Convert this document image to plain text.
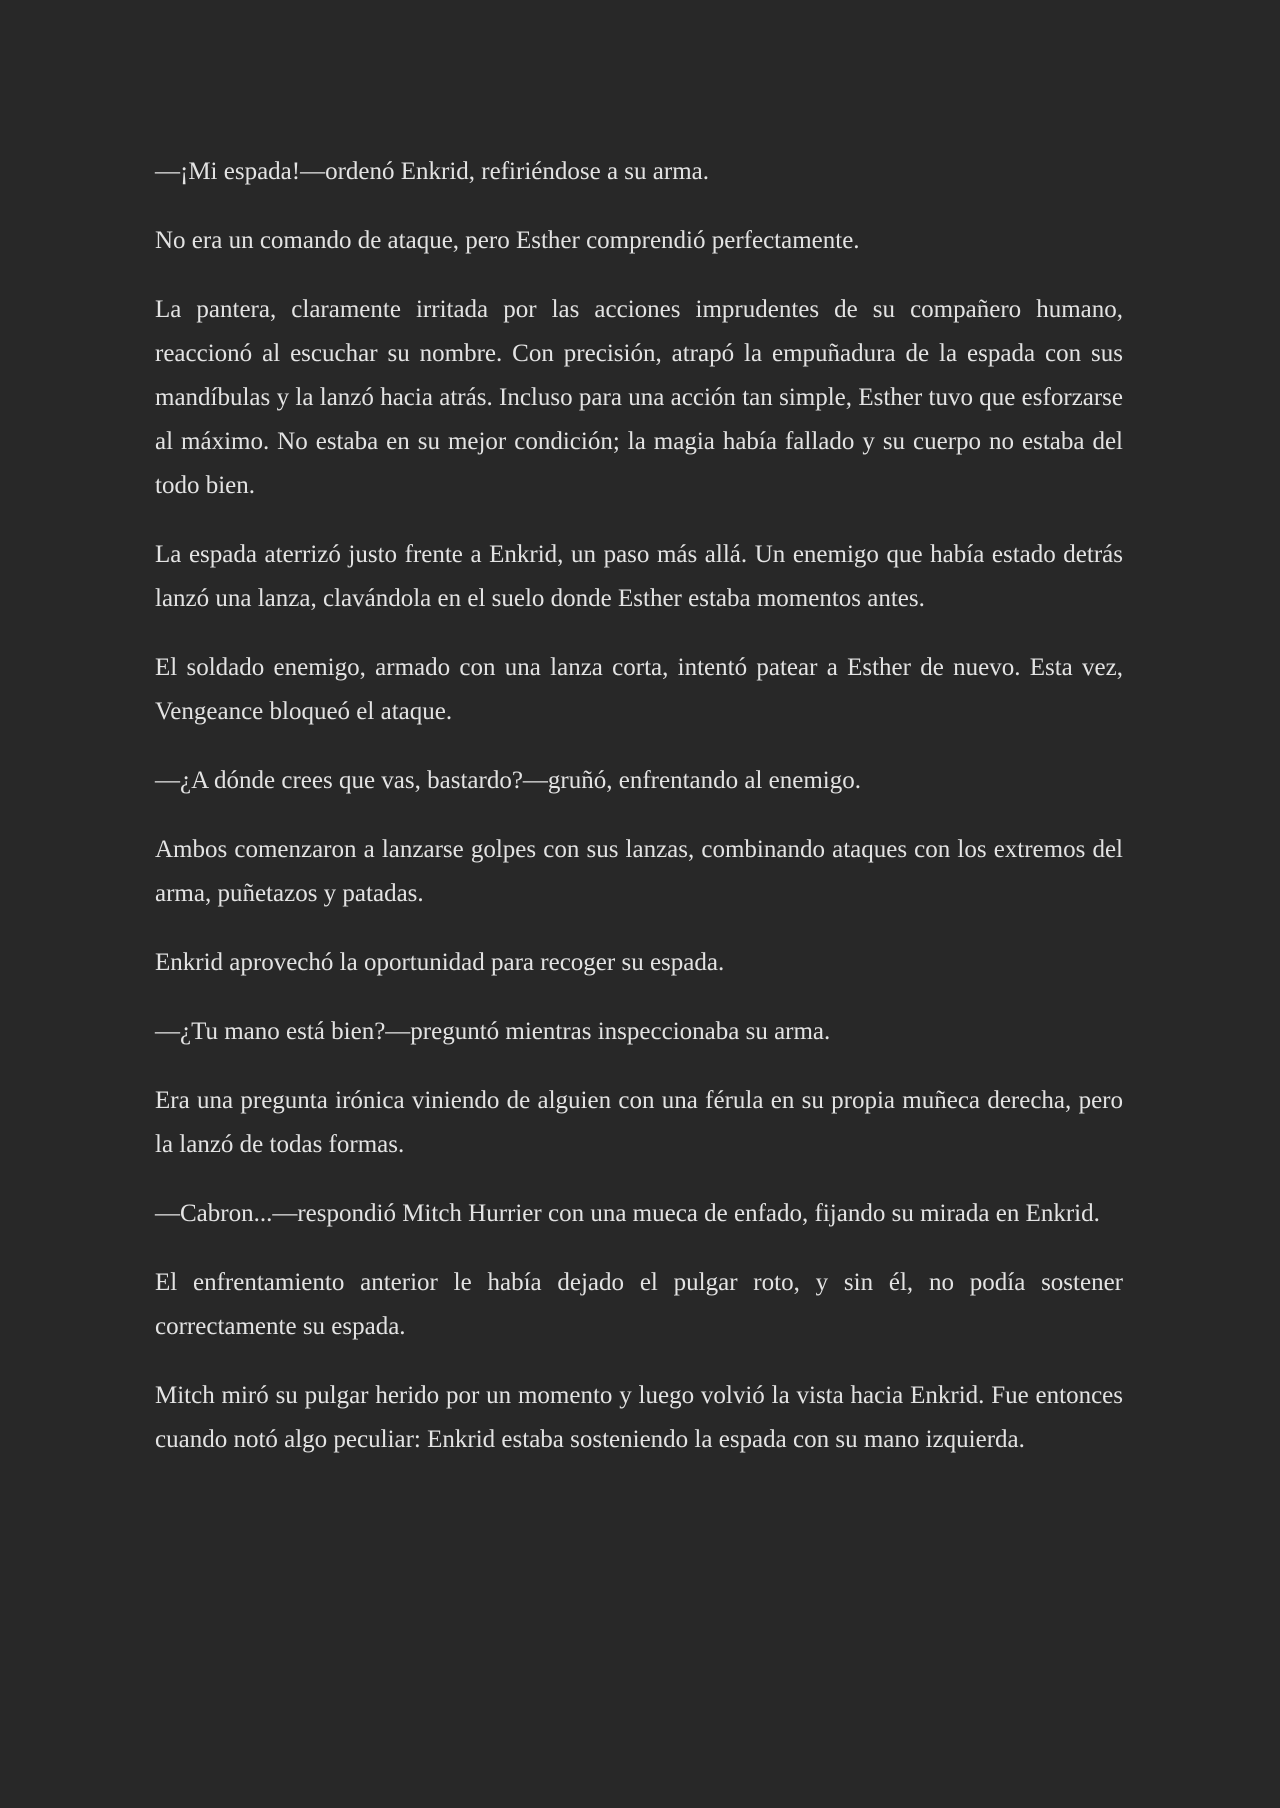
—¡Mi espada!—ordenó Enkrid, refiriéndose a su arma.

No era un comando de ataque, pero Esther comprendió perfectamente.

La pantera, claramente irritada por las acciones imprudentes de su compañero humano, reaccionó al escuchar su nombre. Con precisión, atrapó la empuñadura de la espada con sus mandíbulas y la lanzó hacia atrás. Incluso para una acción tan simple, Esther tuvo que esforzarse al máximo. No estaba en su mejor condición; la magia había fallado y su cuerpo no estaba del todo bien.

La espada aterrizó justo frente a Enkrid, un paso más allá. Un enemigo que había estado detrás lanzó una lanza, clavándola en el suelo donde Esther estaba momentos antes.

El soldado enemigo, armado con una lanza corta, intentó patear a Esther de nuevo. Esta vez, Vengeance bloqueó el ataque.

—¿A dónde crees que vas, bastardo?—gruñó, enfrentando al enemigo.

Ambos comenzaron a lanzarse golpes con sus lanzas, combinando ataques con los extremos del arma, puñetazos y patadas.

Enkrid aprovechó la oportunidad para recoger su espada.

—¿Tu mano está bien?—preguntó mientras inspeccionaba su arma.

Era una pregunta irónica viniendo de alguien con una férula en su propia muñeca derecha, pero la lanzó de todas formas.

—Cabron...—respondió Mitch Hurrier con una mueca de enfado, fijando su mirada en Enkrid.

El enfrentamiento anterior le había dejado el pulgar roto, y sin él, no podía sostener correctamente su espada.

Mitch miró su pulgar herido por un momento y luego volvió la vista hacia Enkrid. Fue entonces cuando notó algo peculiar: Enkrid estaba sosteniendo la espada con su mano izquierda.
